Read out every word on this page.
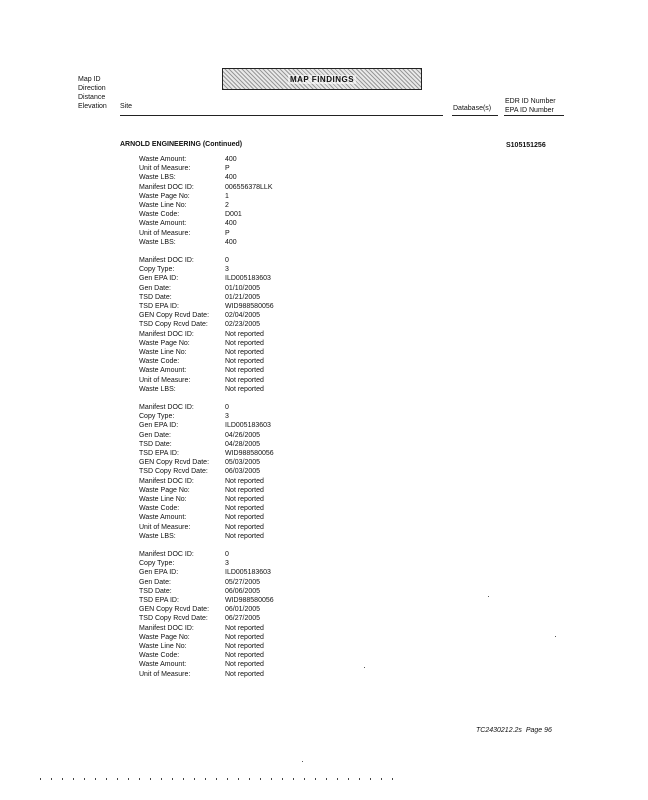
Map ID
Direction
Distance
Elevation Site
MAP FINDINGS
Database(s)
EDR ID Number
EPA ID Number
ARNOLD ENGINEERING (Continued)	S105151256
Waste Amount:	400
Unit of Measure:	P
Waste LBS:	400
Manifest DOC ID:	006556378LLK
Waste Page No:	1
Waste Line No:	2
Waste Code:	D001
Waste Amount:	400
Unit of Measure:	P
Waste LBS:	400
Manifest DOC ID:	0
Copy Type:	3
Gen EPA ID:	ILD005183603
Gen Date:	01/10/2005
TSD Date:	01/21/2005
TSD EPA ID:	WID988580056
GEN Copy Rcvd Date:	02/04/2005
TSD Copy Rcvd Date:	02/23/2005
Manifest DOC ID:	Not reported
Waste Page No:	Not reported
Waste Line No:	Not reported
Waste Code:	Not reported
Waste Amount:	Not reported
Unit of Measure:	Not reported
Waste LBS:	Not reported
Manifest DOC ID:	0
Copy Type:	3
Gen EPA ID:	ILD005183603
Gen Date:	04/26/2005
TSD Date:	04/28/2005
TSD EPA ID:	WID988580056
GEN Copy Rcvd Date:	05/03/2005
TSD Copy Rcvd Date:	06/03/2005
Manifest DOC ID:	Not reported
Waste Page No:	Not reported
Waste Line No:	Not reported
Waste Code:	Not reported
Waste Amount:	Not reported
Unit of Measure:	Not reported
Waste LBS:	Not reported
Manifest DOC ID:	0
Copy Type:	3
Gen EPA ID:	ILD005183603
Gen Date:	05/27/2005
TSD Date:	06/06/2005
TSD EPA ID:	WID988580056
GEN Copy Rcvd Date:	06/01/2005
TSD Copy Rcvd Date:	06/27/2005
Manifest DOC ID:	Not reported
Waste Page No:	Not reported
Waste Line No:	Not reported
Waste Code:	Not reported
Waste Amount:	Not reported
Unit of Measure:	Not reported
TC2430212.2s Page 96
